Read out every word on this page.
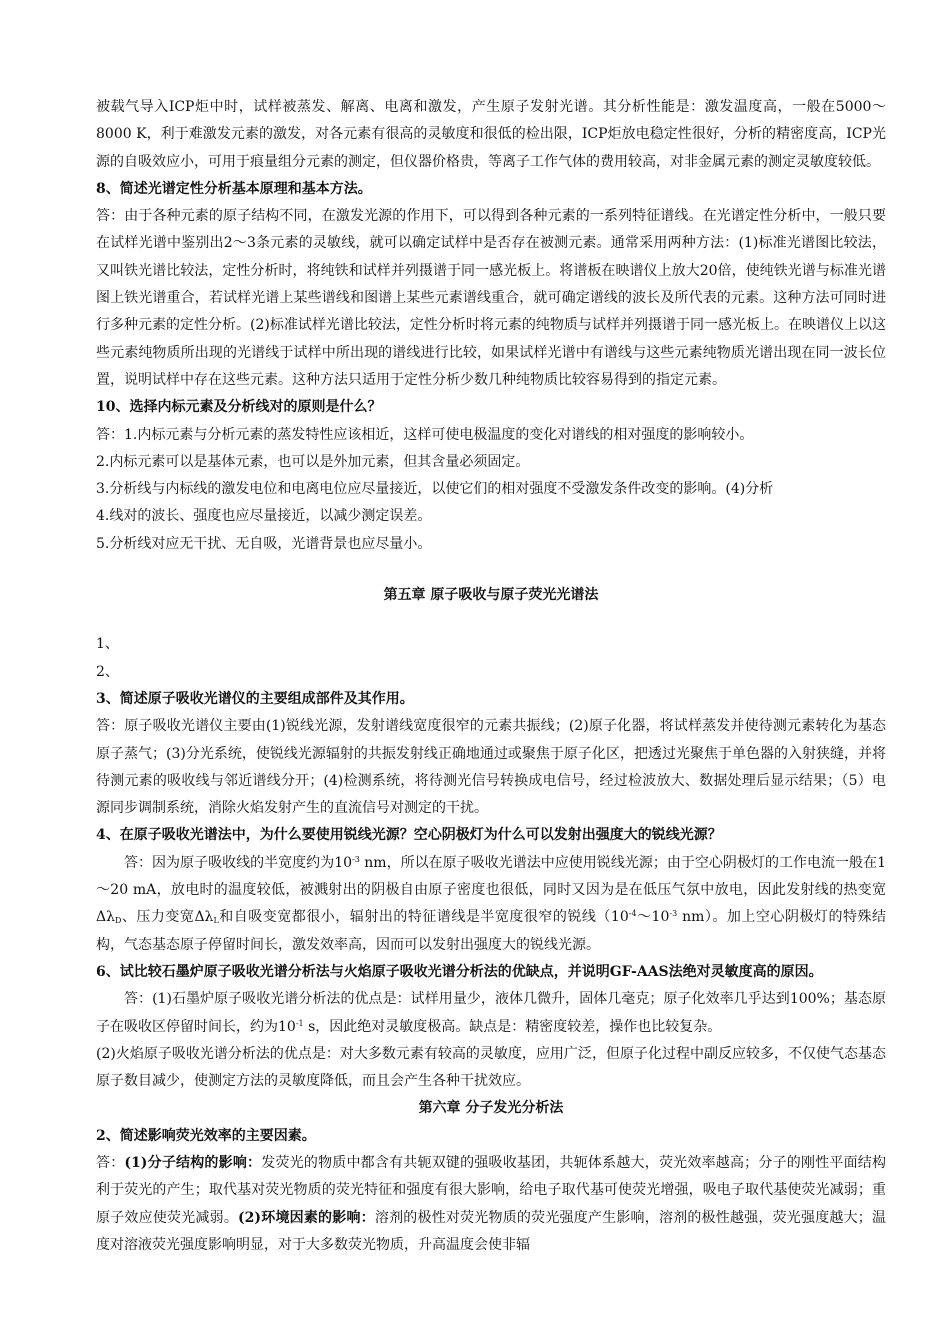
被载气导入ICP炬中时，试样被蒸发、解离、电离和激发，产生原子发射光谱。其分析性能是：激发温度高，一般在5000～8000 K，利于难激发元素的激发，对各元素有很高的灵敏度和很低的检出限，ICP炬放电稳定性很好，分析的精密度高，ICP光源的自吸效应小，可用于痕量组分元素的测定，但仪器价格贵，等离子工作气体的费用较高，对非金属元素的测定灵敏度较低。

8、简述光谱定性分析基本原理和基本方法。

答：由于各种元素的原子结构不同，在激发光源的作用下，可以得到各种元素的一系列特征谱线。在光谱定性分析中，一般只要在试样光谱中鉴别出2～3条元素的灵敏线，就可以确定试样中是否存在被测元素。通常采用两种方法：(1)标准光谱图比较法，又叫铁光谱比较法，定性分析时，将纯铁和试样并列摄谱于同一感光板上。将谱板在映谱仪上放大20倍，使纯铁光谱与标准光谱图上铁光谱重合，若试样光谱上某些谱线和图谱上某些元素谱线重合，就可确定谱线的波长及所代表的元素。这种方法可同时进行多种元素的定性分析。(2)标准试样光谱比较法，定性分析时将元素的纯物质与试样并列摄谱于同一感光板上。在映谱仪上以这些元素纯物质所出现的光谱线于试样中所出现的谱线进行比较，如果试样光谱中有谱线与这些元素纯物质光谱出现在同一波长位置，说明试样中存在这些元素。这种方法只适用于定性分析少数几种纯物质比较容易得到的指定元素。

10、选择内标元素及分析线对的原则是什么？

答：1.内标元素与分析元素的蒸发特性应该相近，这样可使电极温度的变化对谱线的相对强度的影响较小。

2.内标元素可以是基体元素，也可以是外加元素，但其含量必须固定。

3.分析线与内标线的激发电位和电离电位应尽量接近，以使它们的相对强度不受激发条件改变的影响。(4)分析

4.线对的波长、强度也应尽量接近，以减少测定误差。

5.分析线对应无干扰、无自吸，光谱背景也应尽量小。

第五章 原子吸收与原子荧光光谱法

1、

2、

3、简述原子吸收光谱仪的主要组成部件及其作用。

答：原子吸收光谱仪主要由(1)锐线光源，发射谱线宽度很窄的元素共振线；(2)原子化器，将试样蒸发并使待测元素转化为基态原子蒸气；(3)分光系统，使锐线光源辐射的共振发射线正确地通过或聚焦于原子化区，把透过光聚焦于单色器的入射狭缝，并将待测元素的吸收线与邻近谱线分开；(4)检测系统，将待测光信号转换成电信号，经过检波放大、数据处理后显示结果；（5）电源同步调制系统，消除火焰发射产生的直流信号对测定的干扰。

4、在原子吸收光谱法中，为什么要使用锐线光源？空心阴极灯为什么可以发射出强度大的锐线光源？

答：因为原子吸收线的半宽度约为$10^{-3}$ nm，所以在原子吸收光谱法中应使用锐线光源；由于空心阴极灯的工作电流一般在1～20 mA，放电时的温度较低，被溅射出的阴极自由原子密度也很低，同时又因为是在低压气氛中放电，因此发射线的热变宽$\Delta\lambda_D$、压力变宽$\Delta\lambda_L$和自吸变宽都很小，辐射出的特征谱线是半宽度很窄的锐线（$10^{-4}\sim 10^{-3}$ nm）。加上空心阴极灯的特殊结构，气态基态原子停留时间长，激发效率高，因而可以发射出强度大的锐线光源。

6、试比较石墨炉原子吸收光谱分析法与火焰原子吸收光谱分析法的优缺点，并说明GF-AAS法绝对灵敏度高的原因。

答：(1)石墨炉原子吸收光谱分析法的优点是：试样用量少，液体几微升，固体几毫克；原子化效率几乎达到100%；基态原子在吸收区停留时间长，约为$10^{-1}$ s，因此绝对灵敏度极高。缺点是：精密度较差，操作也比较复杂。

(2)火焰原子吸收光谱分析法的优点是：对大多数元素有较高的灵敏度，应用广泛，但原子化过程中副反应较多，不仅使气态基态原子数目减少，使测定方法的灵敏度降低，而且会产生各种干扰效应。

第六章 分子发光分析法

2、简述影响荧光效率的主要因素。

答：(1)分子结构的影响：发荧光的物质中都含有共轭双键的强吸收基团，共轭体系越大，荧光效率越高；分子的刚性平面结构利于荧光的产生；取代基对荧光物质的荧光特征和强度有很大影响，给电子取代基可使荧光增强，吸电子取代基使荧光减弱；重原子效应使荧光减弱。(2)环境因素的影响：溶剂的极性对荧光物质的荧光强度产生影响，溶剂的极性越强，荧光强度越大；温度对溶液荧光强度影响明显，对于大多数荧光物质，升高温度会使非辐
